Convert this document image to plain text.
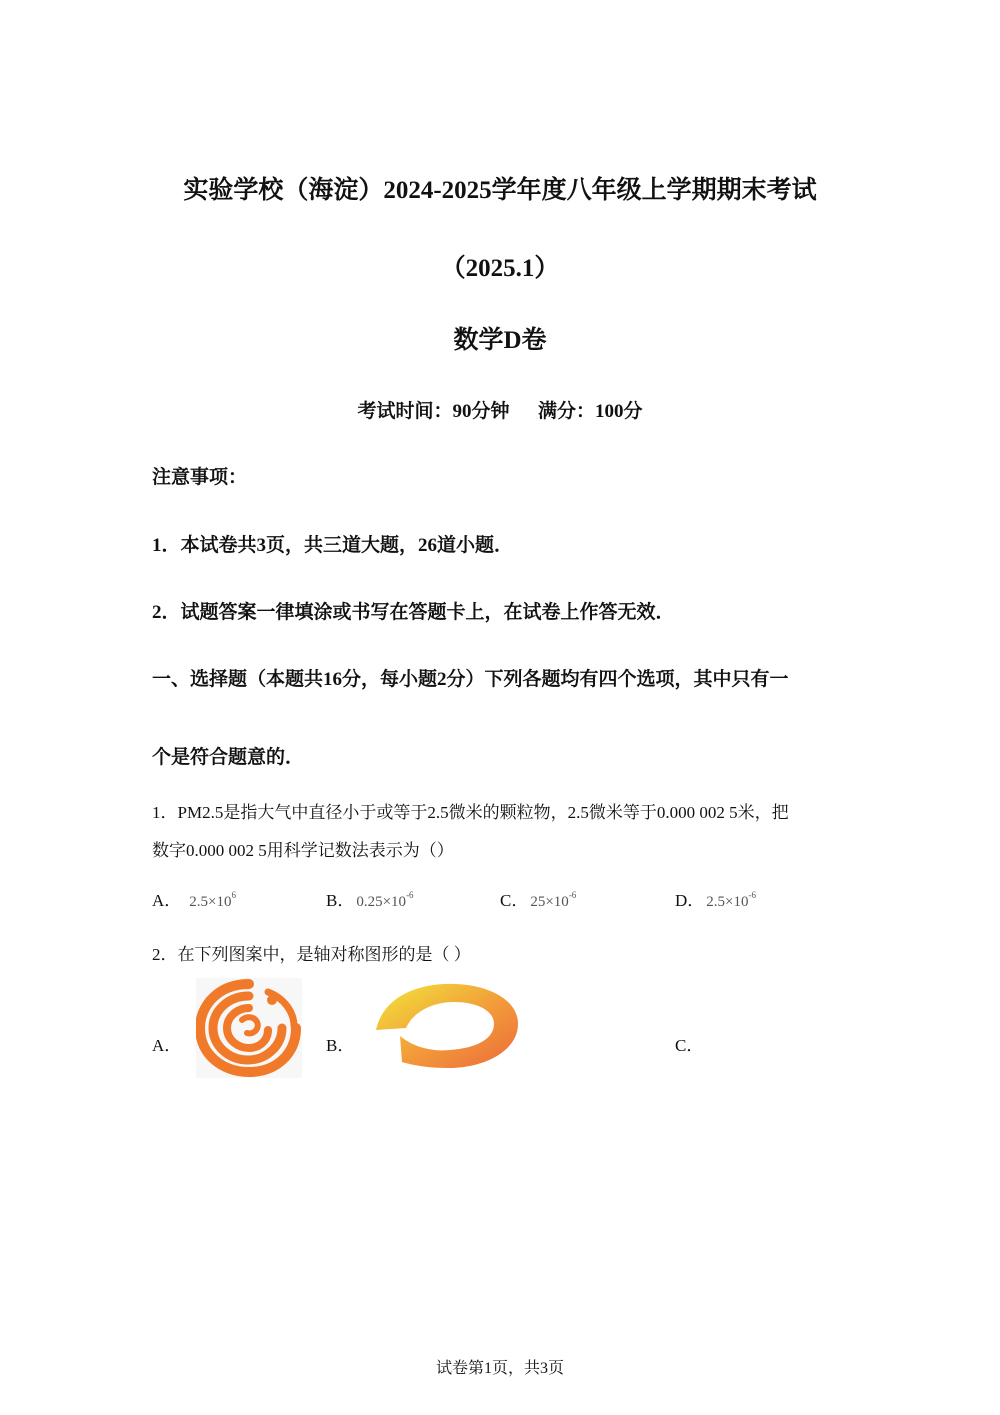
实验学校（海淀）2024-2025学年度八年级上学期期末考试
（2025.1）
数学D卷
考试时间：90分钟      满分：100分
注意事项：
1．本试卷共3页，共三道大题，26道小题．
2．试题答案一律填涂或书写在答题卡上，在试卷上作答无效．
一、选择题（本题共16分，每小题2分）下列各题均有四个选项，其中只有一
个是符合题意的．
1．PM2.5是指大气中直径小于或等于2.5微米的颗粒物，2.5微米等于0.000 002 5米，把
数字0.000 002 5用科学记数法表示为（）
A． $2.5\times 10^6$	B． $0.25\times 10^{-6}$	C． $25\times 10^{-6}$	D． $2.5\times 10^{-6}$
2．在下列图案中，是轴对称图形的是（ ）
A．	B．	C．
试卷第1页，共3页
